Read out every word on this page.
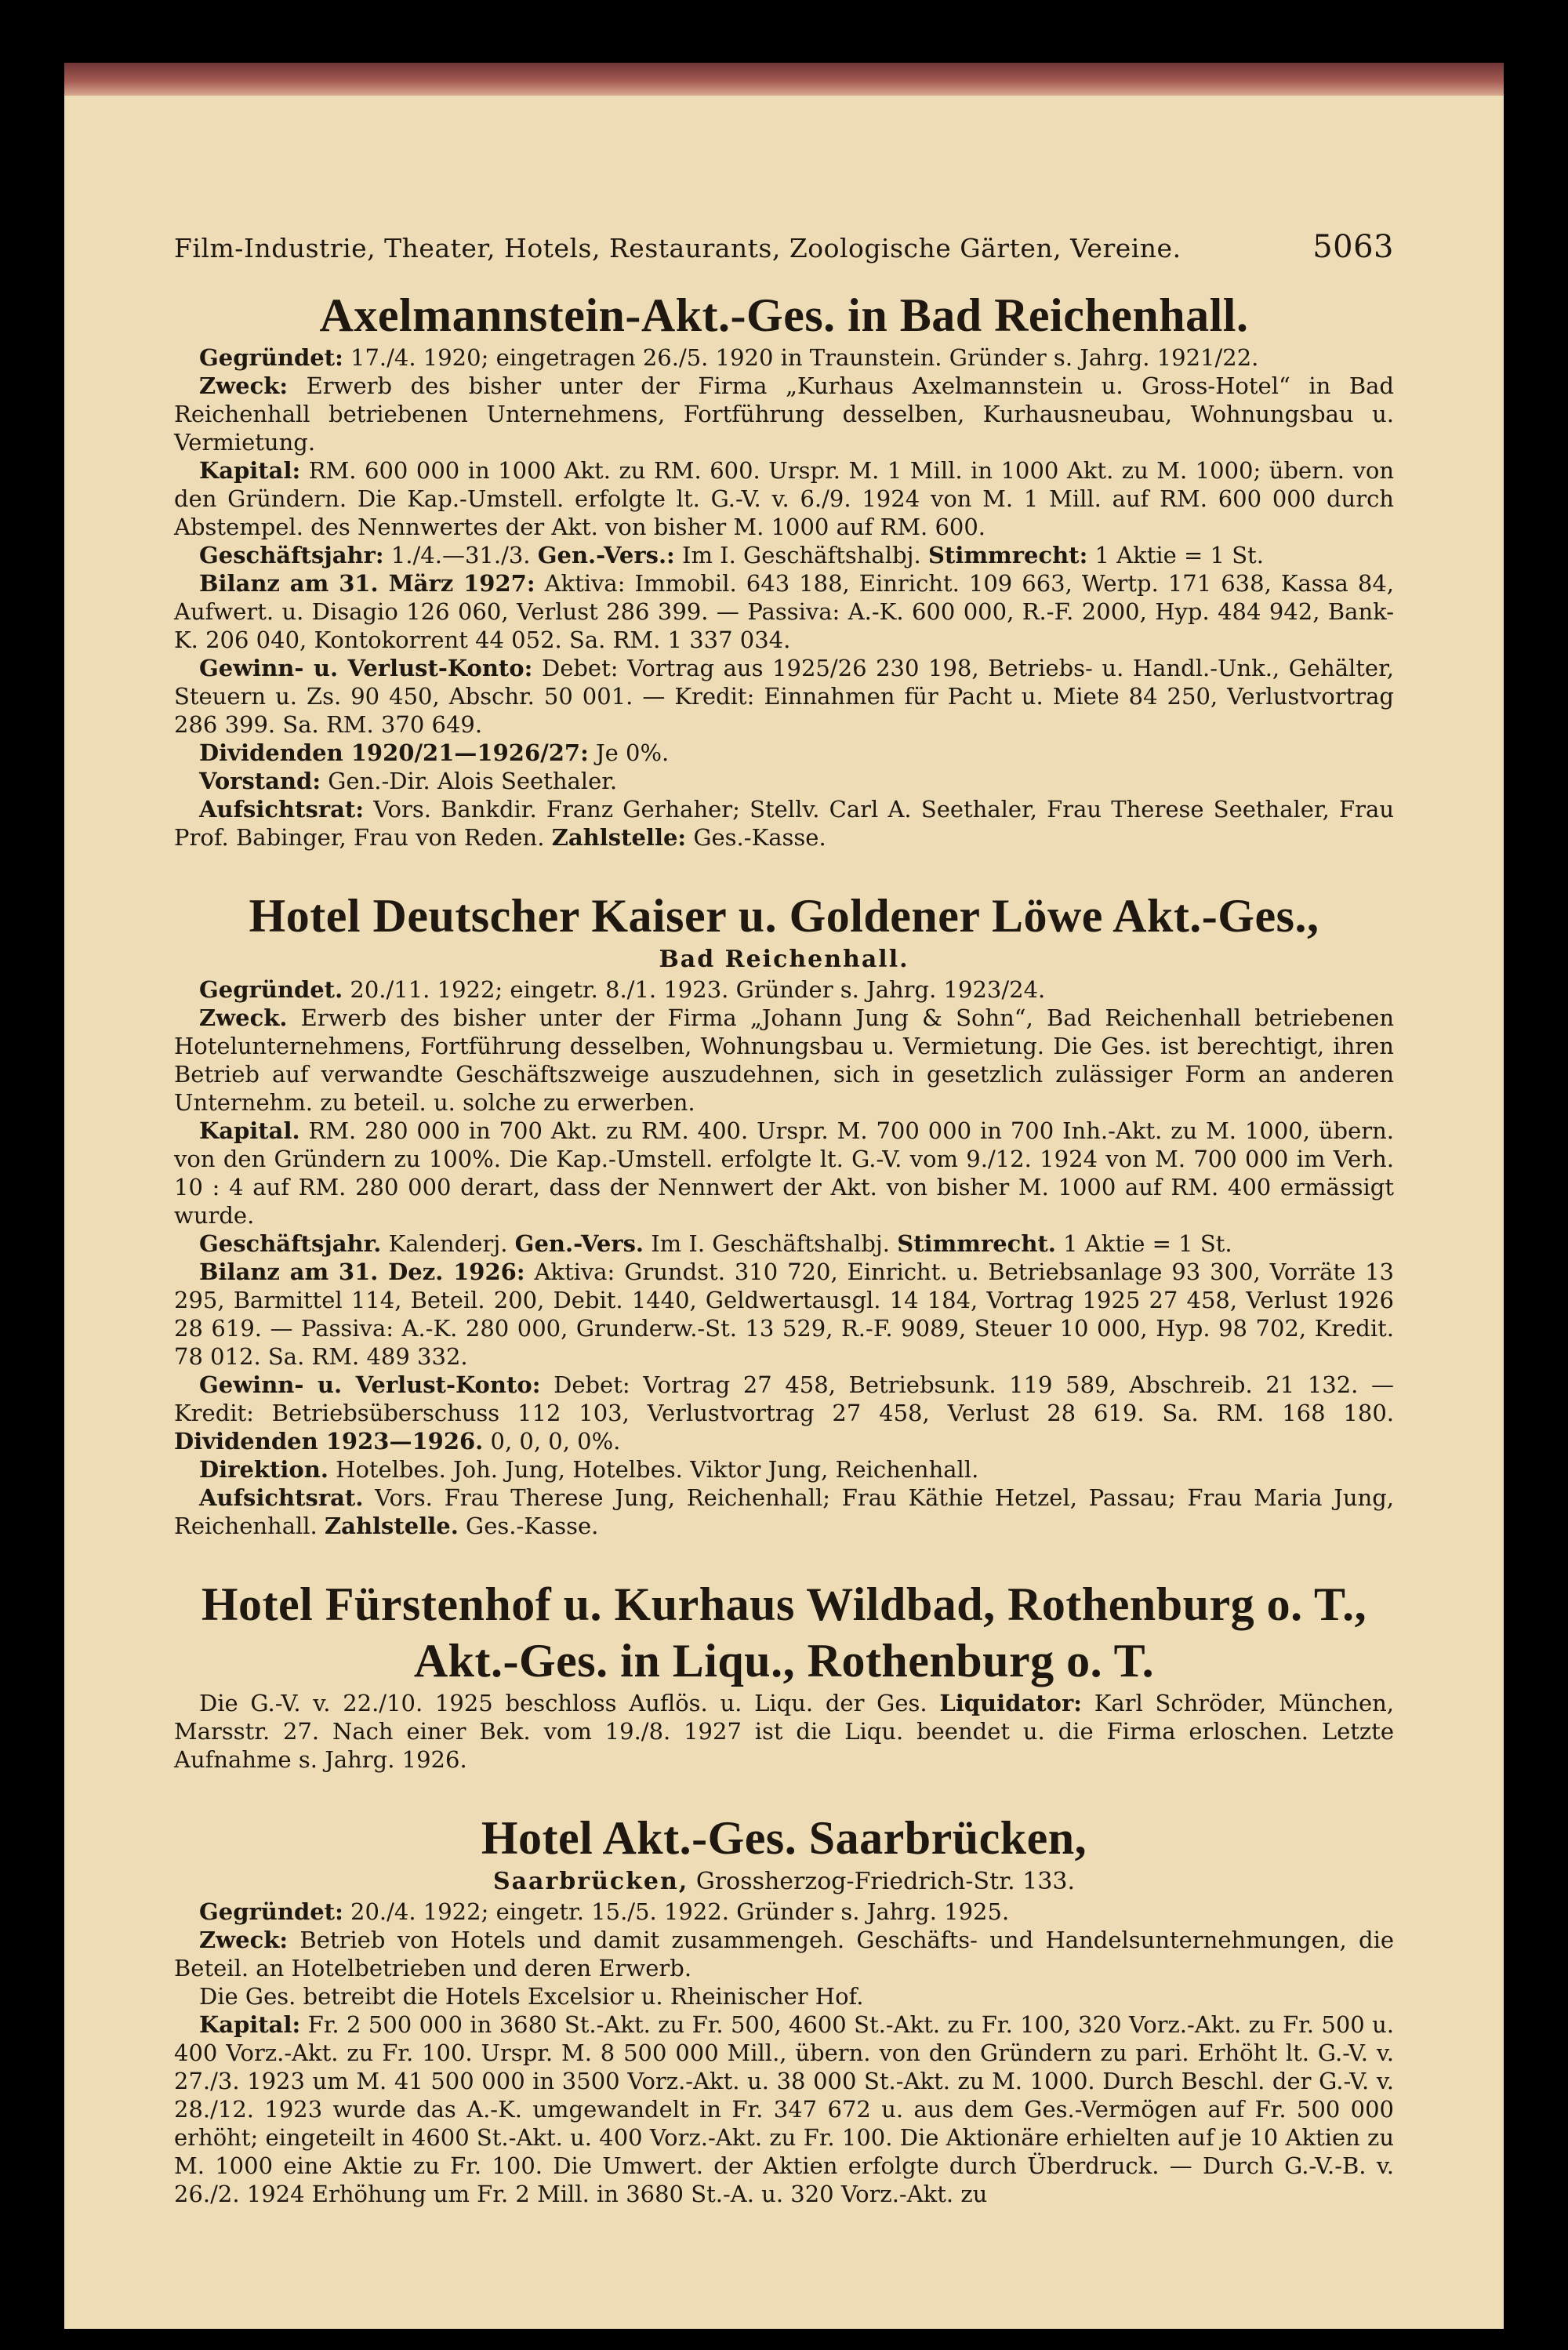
Film-Industrie, Theater, Hotels, Restaurants, Zoologische Gärten, Vereine.	5063
Axelmannstein-Akt.-Ges. in Bad Reichenhall.

Gegründet: 17./4. 1920; eingetragen 26./5. 1920 in Traunstein. Gründer s. Jahrg. 1921/22.

Zweck: Erwerb des bisher unter der Firma „Kurhaus Axelmannstein u. Gross-Hotel“ in Bad Reichenhall betriebenen Unternehmens, Fortführung desselben, Kurhausneubau, Wohnungsbau u. Vermietung.

Kapital: RM. 600 000 in 1000 Akt. zu RM. 600. Urspr. M. 1 Mill. in 1000 Akt. zu M. 1000; übern. von den Gründern. Die Kap.-Umstell. erfolgte lt. G.-V. v. 6./9. 1924 von M. 1 Mill. auf RM. 600 000 durch Abstempel. des Nennwertes der Akt. von bisher M. 1000 auf RM. 600.

Geschäftsjahr: 1./4.—31./3. Gen.-Vers.: Im I. Geschäftshalbj. Stimmrecht: 1 Aktie = 1 St.

Bilanz am 31. März 1927: Aktiva: Immobil. 643 188, Einricht. 109 663, Wertp. 171 638, Kassa 84, Aufwert. u. Disagio 126 060, Verlust 286 399. — Passiva: A.-K. 600 000, R.-F. 2000, Hyp. 484 942, Bank-K. 206 040, Kontokorrent 44 052. Sa. RM. 1 337 034.

Gewinn- u. Verlust-Konto: Debet: Vortrag aus 1925/26 230 198, Betriebs- u. Handl.-Unk., Gehälter, Steuern u. Zs. 90 450, Abschr. 50 001. — Kredit: Einnahmen für Pacht u. Miete 84 250, Verlustvortrag 286 399. Sa. RM. 370 649.

Dividenden 1920/21—1926/27: Je 0%.

Vorstand: Gen.-Dir. Alois Seethaler.

Aufsichtsrat: Vors. Bankdir. Franz Gerhaher; Stellv. Carl A. Seethaler, Frau Therese Seethaler, Frau Prof. Babinger, Frau von Reden. Zahlstelle: Ges.-Kasse.

Hotel Deutscher Kaiser u. Goldener Löwe Akt.-Ges.,
Bad Reichenhall.

Gegründet. 20./11. 1922; eingetr. 8./1. 1923. Gründer s. Jahrg. 1923/24.

Zweck. Erwerb des bisher unter der Firma „Johann Jung & Sohn“, Bad Reichenhall betriebenen Hotelunternehmens, Fortführung desselben, Wohnungsbau u. Vermietung. Die Ges. ist berechtigt, ihren Betrieb auf verwandte Geschäftszweige auszudehnen, sich in gesetzlich zulässiger Form an anderen Unternehm. zu beteil. u. solche zu erwerben.

Kapital. RM. 280 000 in 700 Akt. zu RM. 400. Urspr. M. 700 000 in 700 Inh.-Akt. zu M. 1000, übern. von den Gründern zu 100%. Die Kap.-Umstell. erfolgte lt. G.-V. vom 9./12. 1924 von M. 700 000 im Verh. 10 : 4 auf RM. 280 000 derart, dass der Nennwert der Akt. von bisher M. 1000 auf RM. 400 ermässigt wurde.

Geschäftsjahr. Kalenderj. Gen.-Vers. Im I. Geschäftshalbj. Stimmrecht. 1 Aktie = 1 St.

Bilanz am 31. Dez. 1926: Aktiva: Grundst. 310 720, Einricht. u. Betriebsanlage 93 300, Vorräte 13 295, Barmittel 114, Beteil. 200, Debit. 1440, Geldwertausgl. 14 184, Vortrag 1925 27 458, Verlust 1926 28 619. — Passiva: A.-K. 280 000, Grunderw.-St. 13 529, R.-F. 9089, Steuer 10 000, Hyp. 98 702, Kredit. 78 012. Sa. RM. 489 332.

Gewinn- u. Verlust-Konto: Debet: Vortrag 27 458, Betriebsunk. 119 589, Abschreib. 21 132. — Kredit: Betriebsüberschuss 112 103, Verlustvortrag 27 458, Verlust 28 619. Sa. RM. 168 180. Dividenden 1923—1926. 0, 0, 0, 0%.

Direktion. Hotelbes. Joh. Jung, Hotelbes. Viktor Jung, Reichenhall.

Aufsichtsrat. Vors. Frau Therese Jung, Reichenhall; Frau Käthie Hetzel, Passau; Frau Maria Jung, Reichenhall. Zahlstelle. Ges.-Kasse.

Hotel Fürstenhof u. Kurhaus Wildbad, Rothenburg o. T.,
Akt.-Ges. in Liqu., Rothenburg o. T.

Die G.-V. v. 22./10. 1925 beschloss Auflös. u. Liqu. der Ges. Liquidator: Karl Schröder, München, Marsstr. 27. Nach einer Bek. vom 19./8. 1927 ist die Liqu. beendet u. die Firma erloschen. Letzte Aufnahme s. Jahrg. 1926.

Hotel Akt.-Ges. Saarbrücken,
Saarbrücken, Grossherzog-Friedrich-Str. 133.

Gegründet: 20./4. 1922; eingetr. 15./5. 1922. Gründer s. Jahrg. 1925.

Zweck: Betrieb von Hotels und damit zusammengeh. Geschäfts- und Handelsunternehmungen, die Beteil. an Hotelbetrieben und deren Erwerb.

Die Ges. betreibt die Hotels Excelsior u. Rheinischer Hof.

Kapital: Fr. 2 500 000 in 3680 St.-Akt. zu Fr. 500, 4600 St.-Akt. zu Fr. 100, 320 Vorz.-Akt. zu Fr. 500 u. 400 Vorz.-Akt. zu Fr. 100. Urspr. M. 8 500 000 Mill., übern. von den Gründern zu pari. Erhöht lt. G.-V. v. 27./3. 1923 um M. 41 500 000 in 3500 Vorz.-Akt. u. 38 000 St.-Akt. zu M. 1000. Durch Beschl. der G.-V. v. 28./12. 1923 wurde das A.-K. umgewandelt in Fr. 347 672 u. aus dem Ges.-Vermögen auf Fr. 500 000 erhöht; eingeteilt in 4600 St.-Akt. u. 400 Vorz.-Akt. zu Fr. 100. Die Aktionäre erhielten auf je 10 Aktien zu M. 1000 eine Aktie zu Fr. 100. Die Umwert. der Aktien erfolgte durch Überdruck. — Durch G.-V.-B. v. 26./2. 1924 Erhöhung um Fr. 2 Mill. in 3680 St.-A. u. 320 Vorz.-Akt. zu
